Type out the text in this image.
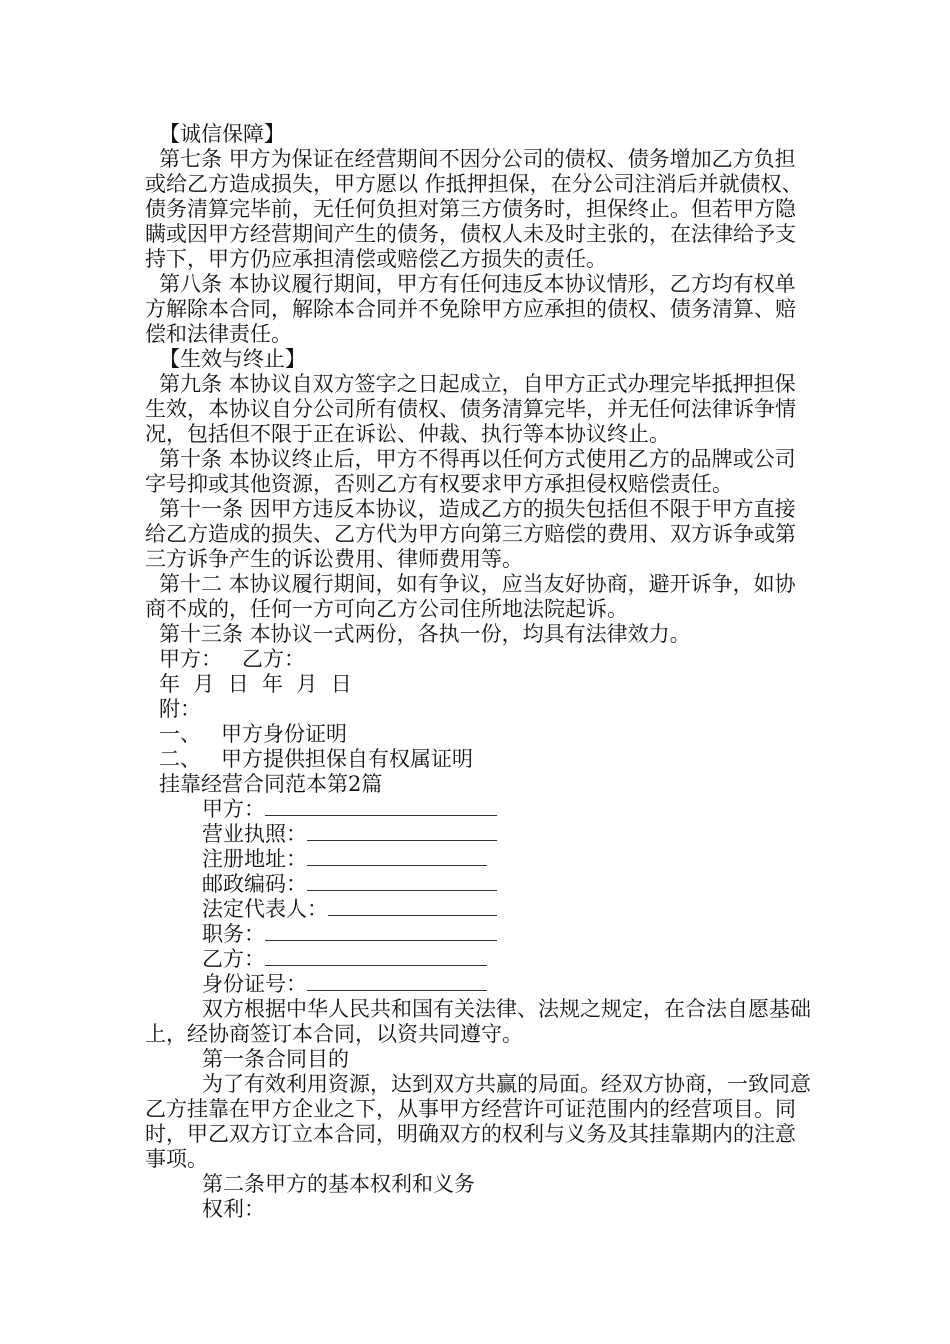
【诚信保障】

第七条 甲方为保证在经营期间不因分公司的债权、债务增加乙方负担或给乙方造成损失，甲方愿以 作抵押担保，在分公司注消后并就债权、债务清算完毕前，无任何负担对第三方债务时，担保终止。但若甲方隐瞒或因甲方经营期间产生的债务，债权人未及时主张的，在法律给予支持下，甲方仍应承担清偿或赔偿乙方损失的责任。

第八条 本协议履行期间，甲方有任何违反本协议情形，乙方均有权单方解除本合同，解除本合同并不免除甲方应承担的债权、债务清算、赔偿和法律责任。

【生效与终止】

第九条 本协议自双方签字之日起成立，自甲方正式办理完毕抵押担保生效，本协议自分公司所有债权、债务清算完毕，并无任何法律诉争情况，包括但不限于正在诉讼、仲裁、执行等本协议终止。

第十条 本协议终止后，甲方不得再以任何方式使用乙方的品牌或公司字号抑或其他资源，否则乙方有权要求甲方承担侵权赔偿责任。

第十一条 因甲方违反本协议，造成乙方的损失包括但不限于甲方直接给乙方造成的损失、乙方代为甲方向第三方赔偿的费用、双方诉争或第三方诉争产生的诉讼费用、律师费用等。

第十二 本协议履行期间，如有争议，应当友好协商，避开诉争，如协商不成的，任何一方可向乙方公司住所地法院起诉。

第十三条 本协议一式两份，各执一份，均具有法律效力。

甲方：   乙方：

年  月  日  年  月  日

附：

一、   甲方身份证明

二、   甲方提供担保自有权属证明

挂靠经营合同范本第2篇

甲方：
营业执照：
注册地址：
邮政编码：
法定代表人：
职务：
乙方：
身份证号：

双方根据中华人民共和国有关法律、法规之规定，在合法自愿基础上，经协商签订本合同，以资共同遵守。

第一条合同目的

为了有效利用资源，达到双方共赢的局面。经双方协商，一致同意乙方挂靠在甲方企业之下，从事甲方经营许可证范围内的经营项目。同时，甲乙双方订立本合同，明确双方的权利与义务及其挂靠期内的注意事项。

第二条甲方的基本权利和义务

权利：
